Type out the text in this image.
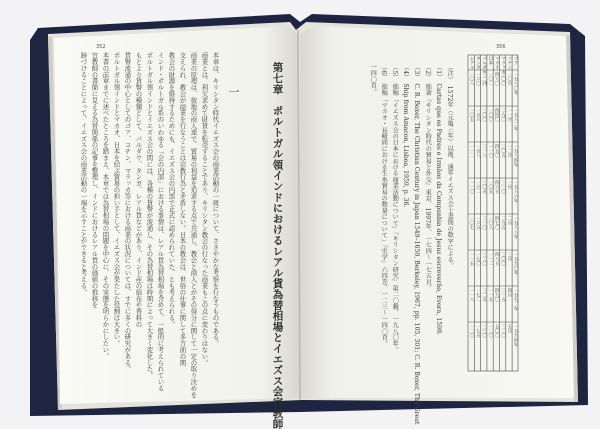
352
第七章　ポルトガル領インドにおけるレアル貨為替相場とイエズス会宣教師
一
本章は、キリシタン時代イエズス会の商業活動の一斑について、ささやかな考察を行なうものである。
商業とは、利欠求めて財貨を転売することであり、キリシタン教会の行なった商業もこの点に変わりはない。
商業の原理は、彼地の商人達で、貿易の利益を追求する点で共通し、教会と商人とがその得分に関して一定の取り決めを
支えられ、教会が商業を行なうことは宗教行為と矛盾しない。日本の教会は、世俗の仕事に関して多方面の関
教会の財源を維持するためにも、イエズス会の内部で正式に認められていた、とも考えられる。
インド・ポルトガル系のいわゆる「会の内部」における事情は、レアル貨為替相場を含めて、一般的に考えられている
ポルトガル領インドとイエズス会の間には、各種の貨幣が流通し、その為替相場は時期によって大きく変化した。
もとより貨幣の種類として、パルダウ、タンガ、レアル貨などがあり、インド産の綿布や香料の
貨幣流通の中心としてのゴア、コチン、マラッカ等における商業の状況については、すでに多くの研究がある。
ポルトガル領インドとマカオ、日本を結ぶ貿易の担い手として、イエズス会が果たした役割は大きい。
本書の前章までに述べたところを踏まえ、本章では為替相場の問題を中心に、その実態を明らかにしたい。
宣教師の書簡に見える為替関係の記事を整理し、インドにおけるレアル貨の価値の推移を
跡づけることによって、イエズス会の商業活動の一端を示すことができると考える。
356
（注）　1572年（元亀三年）以後、通年イエズス会士書簡の数字による。
（1）　Cartas que os Padres e Irmãos da Companhia de Jesus escreverão, Evora, 1598.
（2）　拙著『キリシタン時代の貿易と外交』東京、1997年、一七四〜一七五頁。
（3）　C. R. Boxer, The Christian Century in Japan 1549–1650, Berkeley, 1967, pp. 105, 301; C. R. Boxer, The Great
（4）　Ship from Amacon, Lisboa, 1959, p. 36.
（5）　拙稿「イエズス会の日本における商業活動について」『キリシタン研究』第二〇輯、一九八〇年。
（6）　拙稿「マカオ・長崎間における生糸貿易の数量について」『史学』六四巻、一二三〜一四〇頁。
一四〇頁。
ゴア
コチン
マラッカ
マカオ
日本
パルダウ
タンガ
レアル
一五八〇年
一〇月
三〇〇
四八〇
一〇二
三二四
一六〇
一〇八
一五八二年
一一月
二九〇
四四〇
一〇〇
三〇〇
一五六
一〇五
一五八四年
一二月
三〇五
四五〇
一一〇
三一八
一五八
一一二
一五八六年
一月
三一〇
四六五
一〇五
三〇五
一六二
一一〇
一五八八年
二月
二九五
四七〇
一〇八
三一〇
一六五
一〇七
一五九〇年
三月
三〇〇
四八五
一一二
三二〇
一七〇
一一五
一五九二年
四月
三一五
四九〇
一一五
三二五
一七二
一一八
一五九四年
五月
三二〇
五〇〇
一二〇
三三〇
一七五
一二〇
